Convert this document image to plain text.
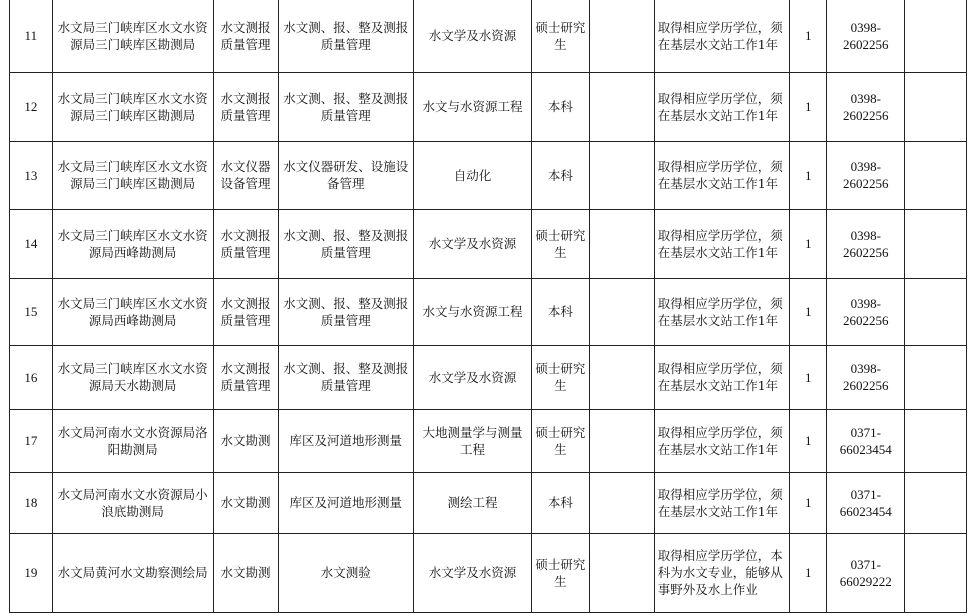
11	水文局三门峡库区水文水资源局三门峡库区勘测局	水文测报质量管理	水文测、报、整及测报质量管理	水文学及水资源	硕士研究生		取得相应学历学位，须在基层水文站工作1年	1	0398-2602256	
12	水文局三门峡库区水文水资源局三门峡库区勘测局	水文测报质量管理	水文测、报、整及测报质量管理	水文与水资源工程	本科		取得相应学历学位，须在基层水文站工作1年	1	0398-2602256	
13	水文局三门峡库区水文水资源局三门峡库区勘测局	水文仪器设备管理	水文仪器研发、设施设备管理	自动化	本科		取得相应学历学位，须在基层水文站工作1年	1	0398-2602256	
14	水文局三门峡库区水文水资源局西峰勘测局	水文测报质量管理	水文测、报、整及测报质量管理	水文学及水资源	硕士研究生		取得相应学历学位，须在基层水文站工作1年	1	0398-2602256	
15	水文局三门峡库区水文水资源局西峰勘测局	水文测报质量管理	水文测、报、整及测报质量管理	水文与水资源工程	本科		取得相应学历学位，须在基层水文站工作1年	1	0398-2602256	
16	水文局三门峡库区水文水资源局天水勘测局	水文测报质量管理	水文测、报、整及测报质量管理	水文学及水资源	硕士研究生		取得相应学历学位，须在基层水文站工作1年	1	0398-2602256	
17	水文局河南水文水资源局洛阳勘测局	水文勘测	库区及河道地形测量	大地测量学与测量工程	硕士研究生		取得相应学历学位，须在基层水文站工作1年	1	0371-66023454	
18	水文局河南水文水资源局小浪底勘测局	水文勘测	库区及河道地形测量	测绘工程	本科		取得相应学历学位，须在基层水文站工作1年	1	0371-66023454	
19	水文局黄河水文勘察测绘局	水文勘测	水文测验	水文学及水资源	硕士研究生		取得相应学历学位，本科为水文专业，能够从事野外及水上作业	1	0371-66029222	
